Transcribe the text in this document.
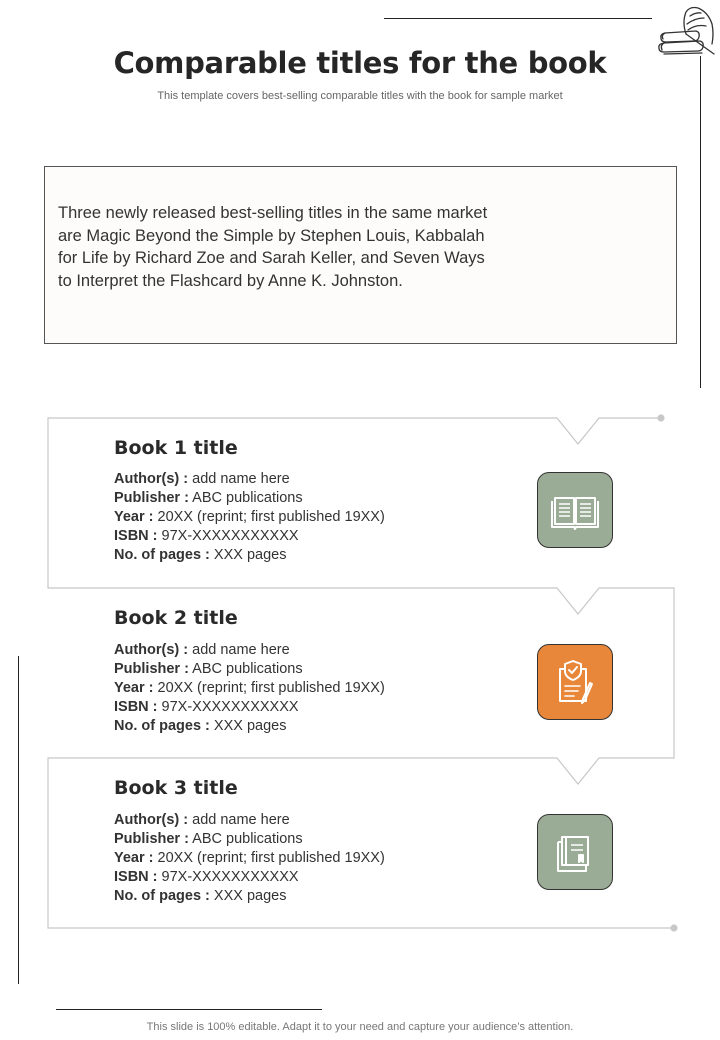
Comparable titles for the book
This template covers best-selling comparable titles with the book for sample market
Three newly released best-selling titles in the same market are Magic Beyond the Simple by Stephen Louis, Kabbalah for Life by Richard Zoe and Sarah Keller, and Seven Ways to Interpret the Flashcard by Anne K. Johnston.
Book 1 title
Author(s) : add name here
Publisher : ABC publications
Year : 20XX (reprint; first published 19XX)
ISBN : 97X-XXXXXXXXXXX
No. of pages : XXX pages
Book 2 title
Author(s) : add name here
Publisher : ABC publications
Year : 20XX (reprint; first published 19XX)
ISBN : 97X-XXXXXXXXXXX
No. of pages : XXX pages
Book 3 title
Author(s) : add name here
Publisher : ABC publications
Year : 20XX (reprint; first published 19XX)
ISBN : 97X-XXXXXXXXXXX
No. of pages : XXX pages
This slide is 100% editable. Adapt it to your need and capture your audience’s attention.
